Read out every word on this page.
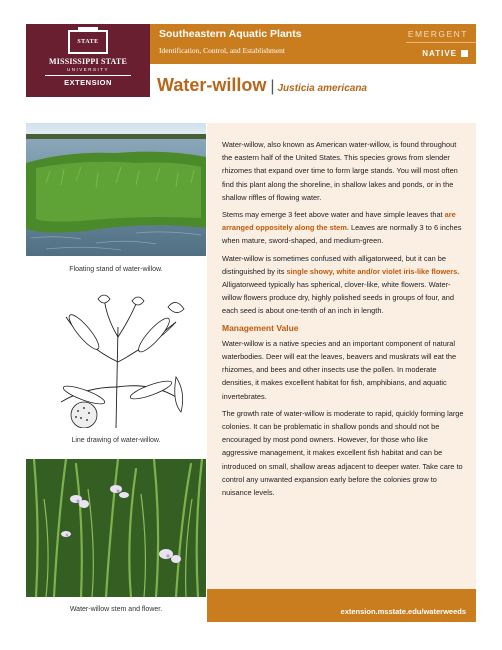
STATE
MISSISSIPPI STATE
UNIVERSITY
EXTENSION
Southeastern Aquatic Plants
Identification, Control, and Establishment
EMERGENT
NATIVE
Water-willow | Justicia americana
Floating stand of water-willow.
Line drawing of water-willow.
Water-willow stem and flower.

Water-willow, also known as American water-willow, is found throughout the eastern half of the United States. This species grows from slender rhizomes that expand over time to form large stands. You will most often find this plant along the shoreline, in shallow lakes and ponds, or in the shallow riffles of flowing water.

Stems may emerge 3 feet above water and have simple leaves that are arranged oppositely along the stem. Leaves are normally 3 to 6 inches when mature, sword-shaped, and medium-green.

Water-willow is sometimes confused with alligatorweed, but it can be distinguished by its single showy, white and/or violet iris-like flowers. Alligatorweed typically has spherical, clover-like, white flowers. Water-willow flowers produce dry, highly polished seeds in groups of four, and each seed is about one-tenth of an inch in length.

Management Value

Water-willow is a native species and an important component of natural waterbodies. Deer will eat the leaves, beavers and muskrats will eat the rhizomes, and bees and other insects use the pollen. In moderate densities, it makes excellent habitat for fish, amphibians, and aquatic invertebrates.

The growth rate of water-willow is moderate to rapid, quickly forming large colonies. It can be problematic in shallow ponds and should not be encouraged by most pond owners. However, for those who like aggressive management, it makes excellent fish habitat and can be introduced on small, shallow areas adjacent to deeper water. Take care to control any unwanted expansion early before the colonies grow to nuisance levels.

extension.msstate.edu/waterweeds
